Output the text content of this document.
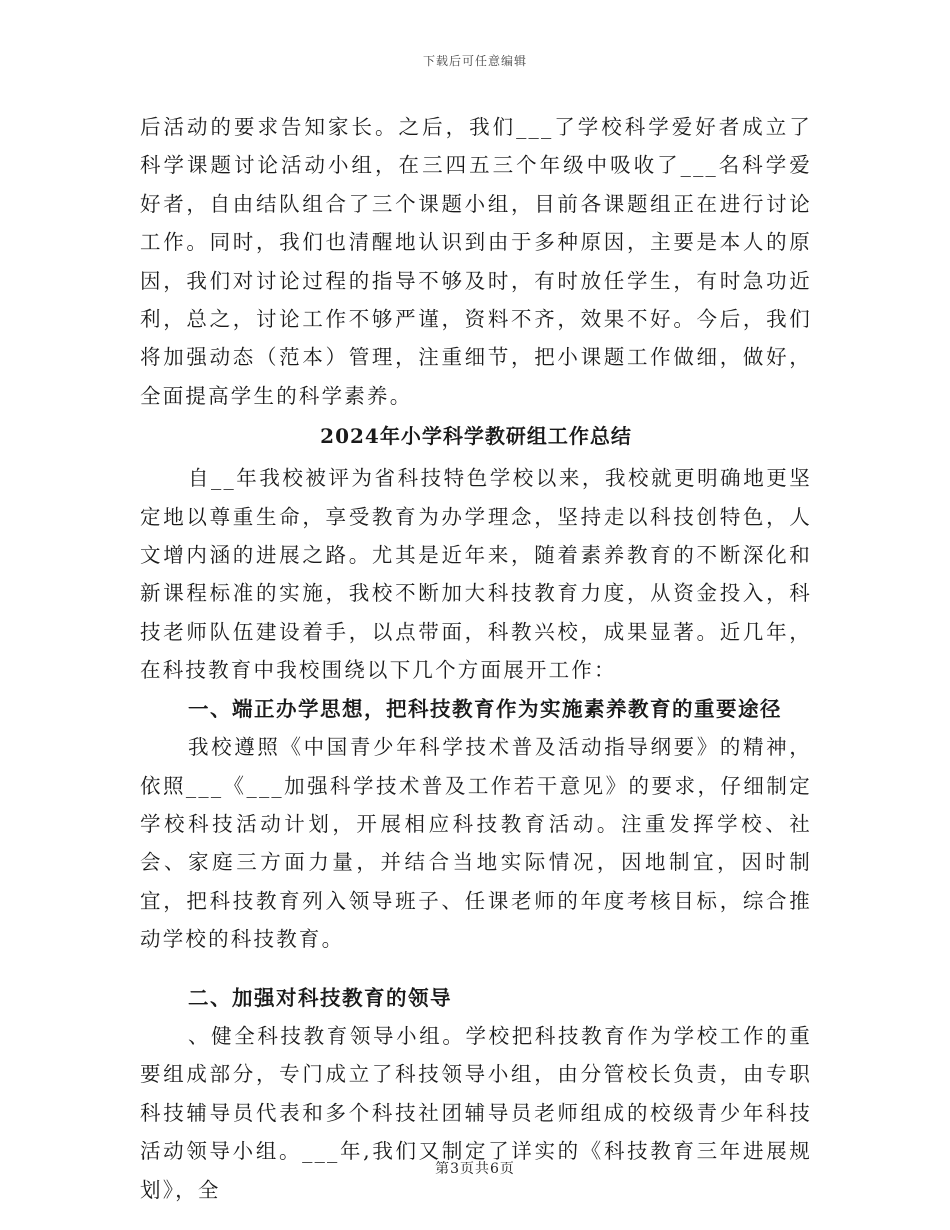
下载后可任意编辑

后活动的要求告知家长。之后，我们___了学校科学爱好者成立了科学课题讨论活动小组，在三四五三个年级中吸收了___名科学爱好者，自由结队组合了三个课题小组，目前各课题组正在进行讨论工作。同时，我们也清醒地认识到由于多种原因，主要是本人的原因，我们对讨论过程的指导不够及时，有时放任学生，有时急功近利，总之，讨论工作不够严谨，资料不齐，效果不好。今后，我们将加强动态（范本）管理，注重细节，把小课题工作做细，做好，全面提高学生的科学素养。

2024年小学科学教研组工作总结

自__年我校被评为省科技特色学校以来，我校就更明确地更坚定地以尊重生命，享受教育为办学理念，坚持走以科技创特色，人文增内涵的进展之路。尤其是近年来，随着素养教育的不断深化和新课程标准的实施，我校不断加大科技教育力度，从资金投入，科技老师队伍建设着手，以点带面，科教兴校，成果显著。近几年，在科技教育中我校围绕以下几个方面展开工作：

一、端正办学思想，把科技教育作为实施素养教育的重要途径

我校遵照《中国青少年科学技术普及活动指导纲要》的精神，依照___《___加强科学技术普及工作若干意见》的要求，仔细制定学校科技活动计划，开展相应科技教育活动。注重发挥学校、社会、家庭三方面力量，并结合当地实际情况，因地制宜，因时制宜，把科技教育列入领导班子、任课老师的年度考核目标，综合推动学校的科技教育。

二、加强对科技教育的领导

、健全科技教育领导小组。学校把科技教育作为学校工作的重要组成部分，专门成立了科技领导小组，由分管校长负责，由专职科技辅导员代表和多个科技社团辅导员老师组成的校级青少年科技活动领导小组。___年,我们又制定了详实的《科技教育三年进展规划》，全

第3页共6页
